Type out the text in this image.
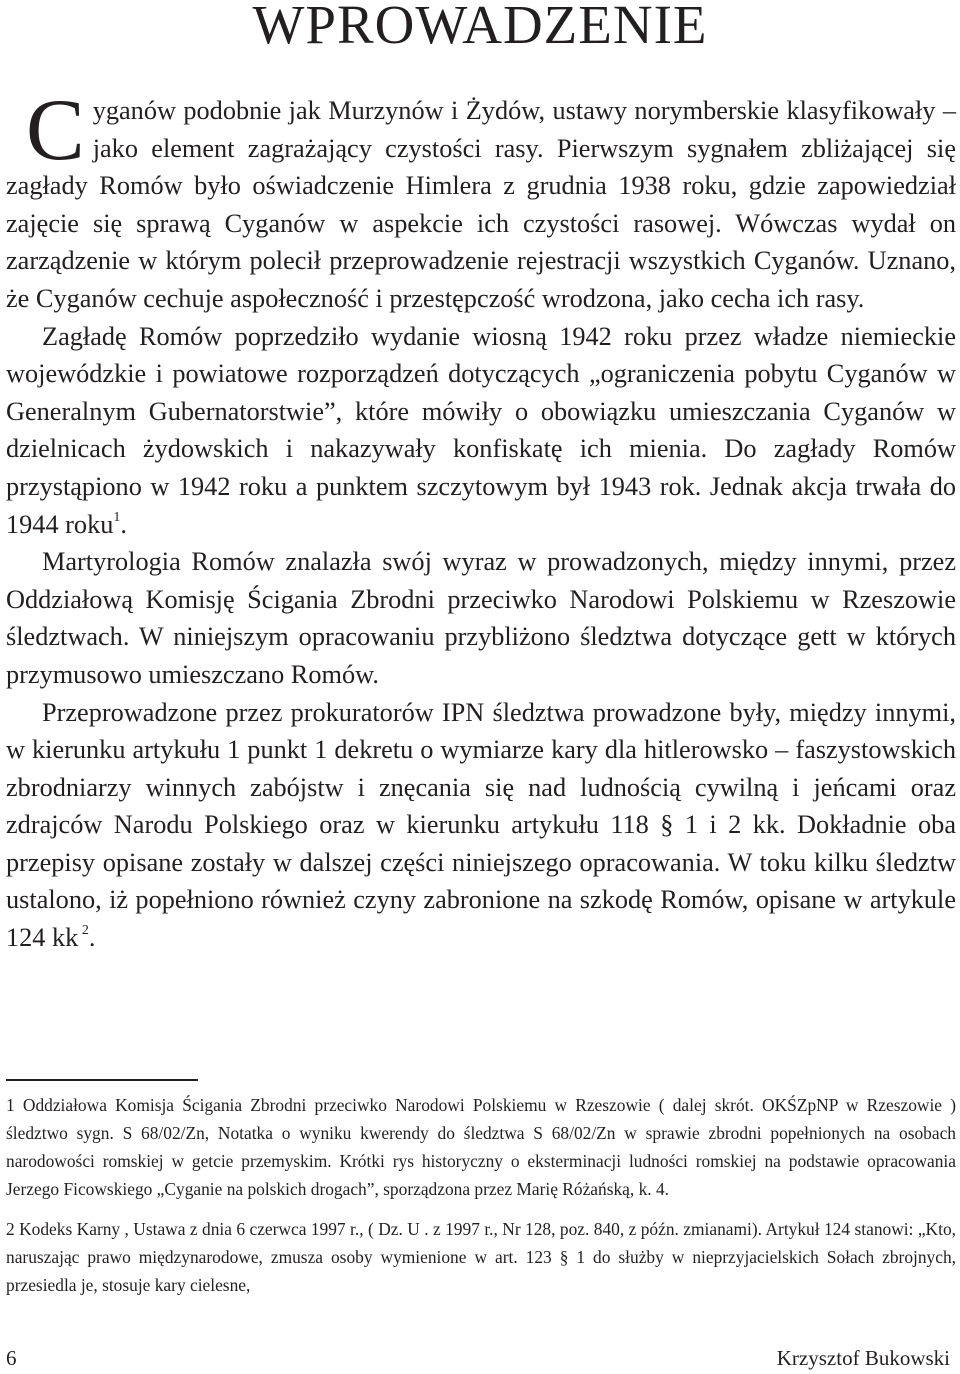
WPROWADZENIE

Cyganów podobnie jak Murzynów i Żydów, ustawy norymberskie klasyfikowały – jako element zagrażający czystości rasy. Pierwszym sygnałem zbliżającej się zagłady Romów było oświadczenie Himlera z grudnia 1938 roku, gdzie zapowiedział zajęcie się sprawą Cyganów w aspekcie ich czystości rasowej. Wówczas wydał on zarządzenie w którym polecił przeprowadzenie rejestracji wszystkich Cyganów. Uznano, że Cyganów cechuje aspołeczność i przestępczość wrodzona, jako cecha ich rasy.

Zagładę Romów poprzedziło wydanie wiosną 1942 roku przez władze niemieckie wojewódzkie i powiatowe rozporządzeń dotyczących „ograniczenia pobytu Cyganów w Generalnym Gubernatorstwie”, które mówiły o obowiązku umieszczania Cyganów w dzielnicach żydowskich i nakazywały konfiskatę ich mienia. Do zagłady Romów przystąpiono w 1942 roku a punktem szczytowym był 1943 rok. Jednak akcja trwała do 1944 roku$^1$.

Martyrologia Romów znalazła swój wyraz w prowadzonych, między innymi, przez Oddziałową Komisję Ścigania Zbrodni przeciwko Narodowi Polskiemu w Rzeszowie śledztwach. W niniejszym opracowaniu przybliżono śledztwa dotyczące gett w których przymusowo umieszczano Romów.

Przeprowadzone przez prokuratorów IPN śledztwa prowadzone były, między innymi, w kierunku artykułu 1 punkt 1 dekretu o wymiarze kary dla hitlerowsko – faszystowskich zbrodniarzy winnych zabójstw i znęcania się nad ludnością cywilną i jeńcami oraz zdrajców Narodu Polskiego oraz w kierunku artykułu 118 § 1 i 2 kk. Dokładnie oba przepisy opisane zostały w dalszej części niniejszego opracowania. W toku kilku śledztw ustalono, iż popełniono również czyny zabronione na szkodę Romów, opisane w artykule 124 kk $^2$.

1 Oddziałowa Komisja Ścigania Zbrodni przeciwko Narodowi Polskiemu w Rzeszowie ( dalej skrót. OKŚZpNP w Rzeszowie ) śledztwo sygn. S 68/02/Zn, Notatka o wyniku kwerendy do śledztwa S 68/02/Zn w sprawie zbrodni popełnionych na osobach narodowości romskiej w getcie przemyskim. Krótki rys historyczny o eksterminacji ludności romskiej na podstawie opracowania Jerzego Ficowskiego „Cyganie na polskich drogach”, sporządzona przez Marię Różańską, k. 4.

2 Kodeks Karny , Ustawa z dnia 6 czerwca 1997 r., ( Dz. U . z 1997 r., Nr 128, poz. 840, z późn. zmianami). Artykuł 124 stanowi: „Kto, naruszając prawo międzynarodowe, zmusza osoby wymienione w art. 123 § 1 do służby w nieprzyjacielskich Sołach zbrojnych, przesiedla je, stosuje kary cielesne,

6	Krzysztof Bukowski
